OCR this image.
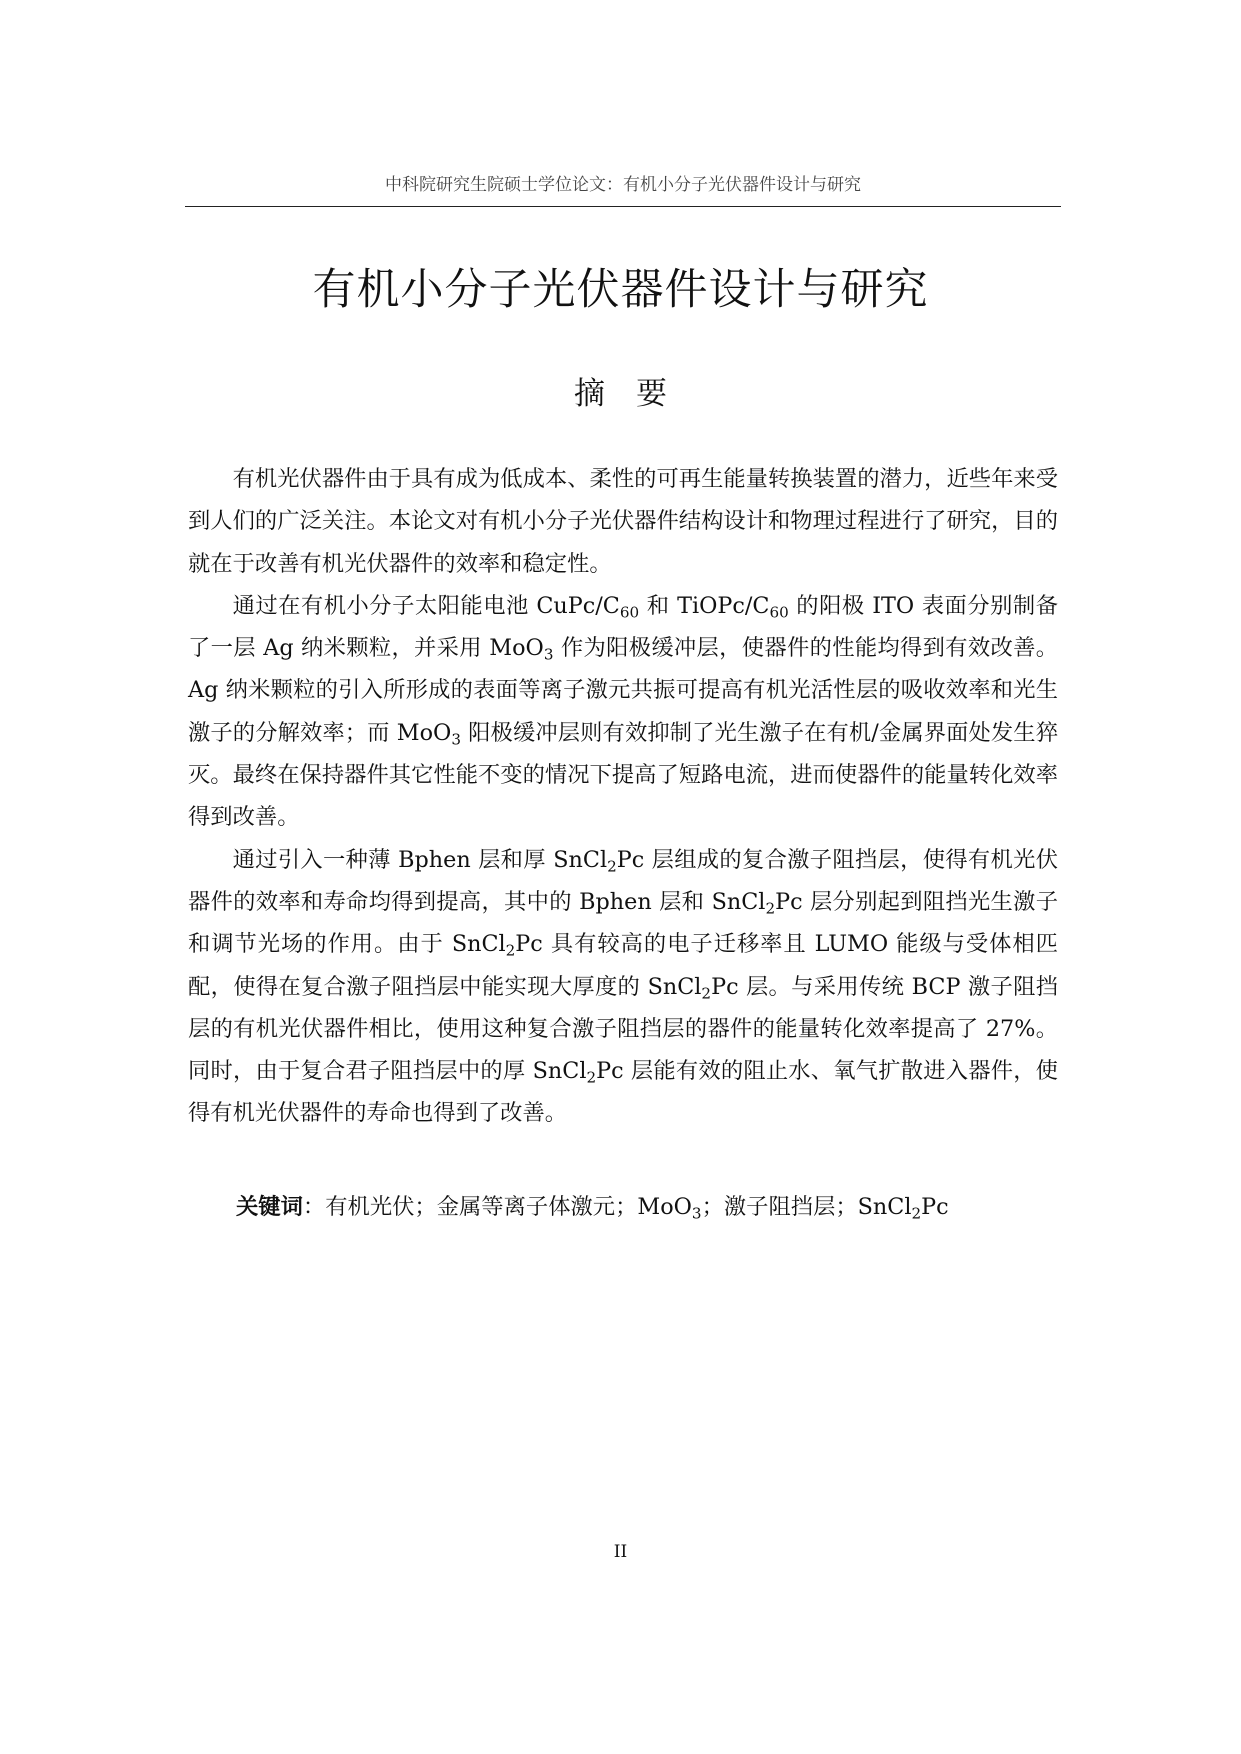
中科院研究生院硕士学位论文：有机小分子光伏器件设计与研究
有机小分子光伏器件设计与研究
摘　要

有机光伏器件由于具有成为低成本、柔性的可再生能量转换装置的潜力，近些年来受到人们的广泛关注。本论文对有机小分子光伏器件结构设计和物理过程进行了研究，目的就在于改善有机光伏器件的效率和稳定性。

通过在有机小分子太阳能电池 CuPc/$C_{60}$ 和 TiOPc/$C_{60}$ 的阳极 ITO 表面分别制备了一层 Ag 纳米颗粒，并采用 MoO$_3$ 作为阳极缓冲层，使器件的性能均得到有效改善。Ag 纳米颗粒的引入所形成的表面等离子激元共振可提高有机光活性层的吸收效率和光生激子的分解效率；而 MoO$_3$ 阳极缓冲层则有效抑制了光生激子在有机/金属界面处发生猝灭。最终在保持器件其它性能不变的情况下提高了短路电流，进而使器件的能量转化效率得到改善。

通过引入一种薄 Bphen 层和厚 SnCl$_2$Pc 层组成的复合激子阻挡层，使得有机光伏器件的效率和寿命均得到提高，其中的 Bphen 层和 SnCl$_2$Pc 层分别起到阻挡光生激子和调节光场的作用。由于 SnCl$_2$Pc 具有较高的电子迁移率且 LUMO 能级与受体相匹配，使得在复合激子阻挡层中能实现大厚度的 SnCl$_2$Pc 层。与采用传统 BCP 激子阻挡层的有机光伏器件相比，使用这种复合激子阻挡层的器件的能量转化效率提高了 27%。同时，由于复合君子阻挡层中的厚 SnCl$_2$Pc 层能有效的阻止水、氧气扩散进入器件，使得有机光伏器件的寿命也得到了改善。

关键词：有机光伏；金属等离子体激元；MoO$_3$；激子阻挡层；SnCl$_2$Pc
II
